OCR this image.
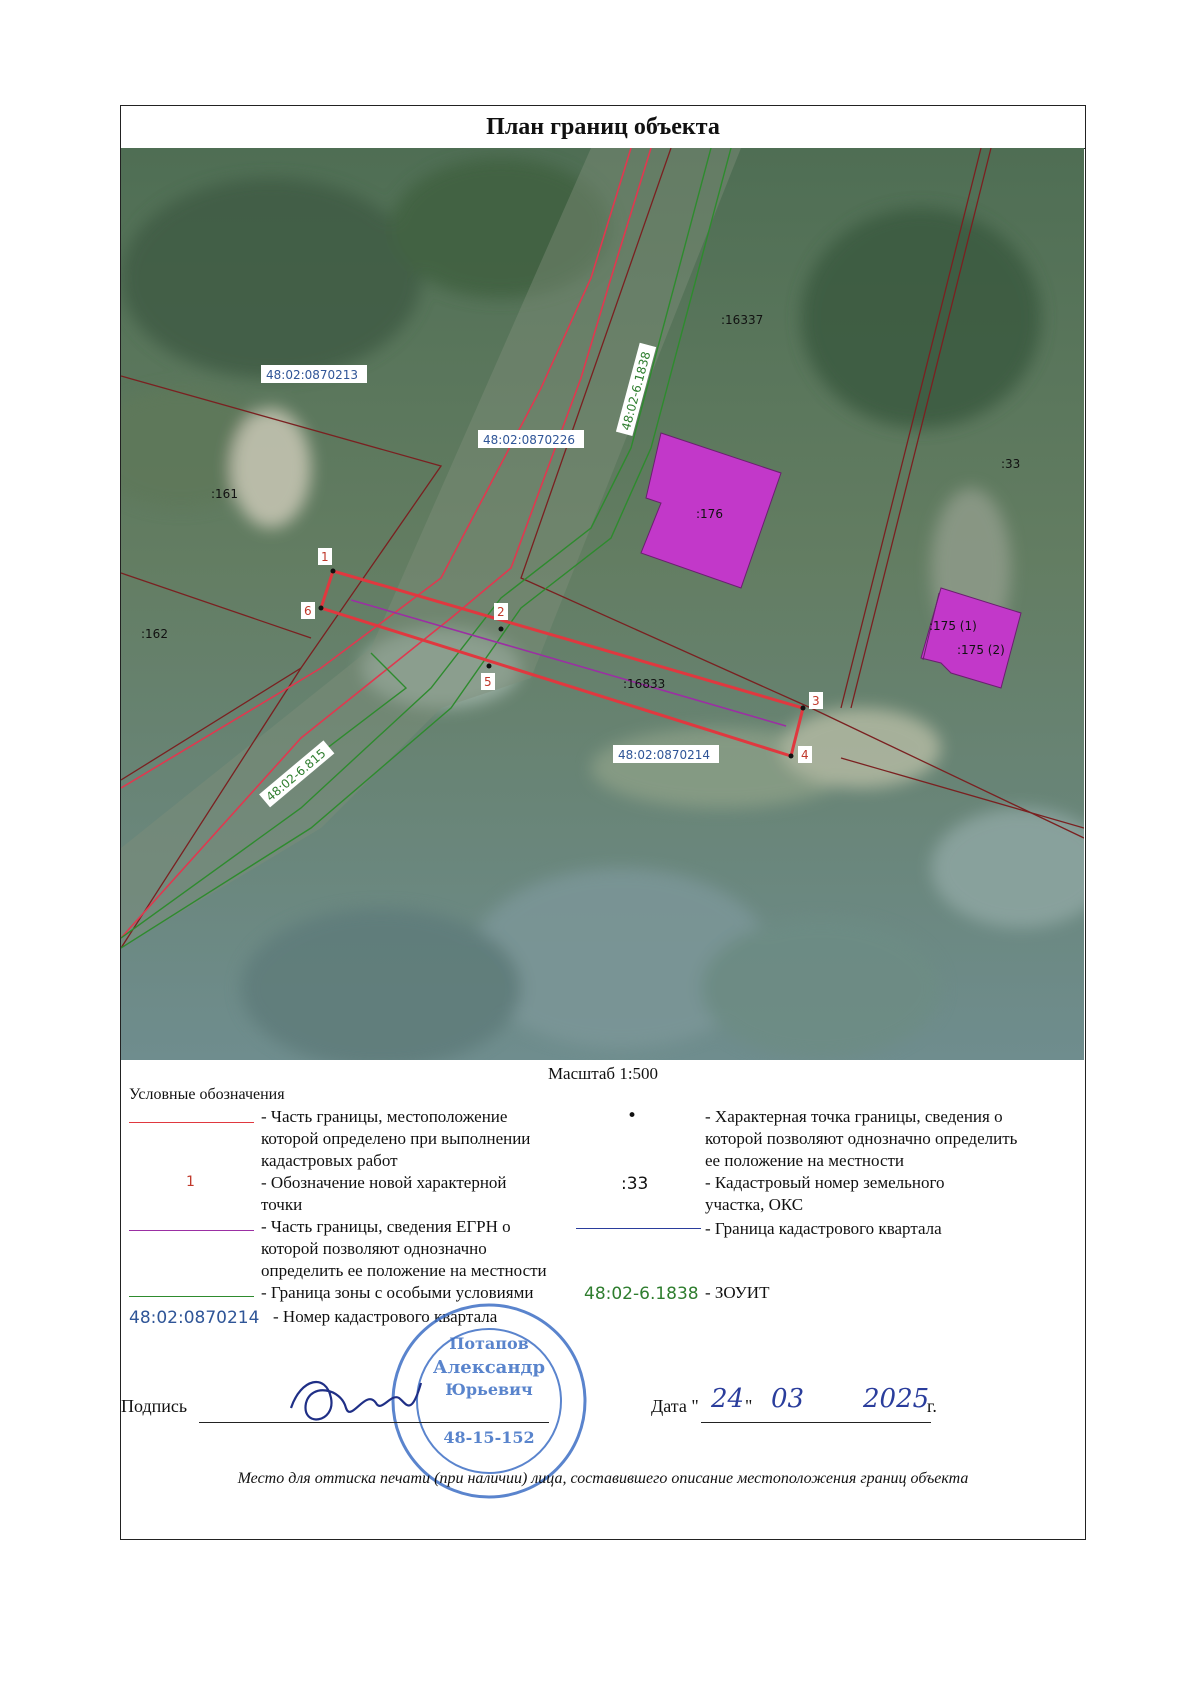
План границ объекта
1
2
3
4
5
6
48:02:0870213
48:02:0870226
48:02:0870214
48:02-6.1838
48:02-6.815
:16337
:161
:162
:176
:33
:175 (1)
:175 (2)
:16833
Масштаб 1:500
Условные обозначения
- Часть границы, местоположение которой определено при выполнении кадастровых работ
1	- Обозначение новой характерной точки
- Часть границы, сведения ЕГРН о которой позволяют однозначно определить ее положение на местности
- Граница зоны с особыми условиями
48:02:0870214 - Номер кадастрового квартала
•	- Характерная точка границы, сведения о которой позволяют однозначно определить ее положение на местности
:33	- Кадастровый номер земельного участка, ОКС
- Граница кадастрового квартала
48:02-6.1838 - ЗОУИТ
Потапов
Александр
Юрьевич
48-15-152
Подпись	Дата " 24 " 03 2025
г.
Место для оттиска печати (при наличии) лица, составившего описание местоположения границ объекта
